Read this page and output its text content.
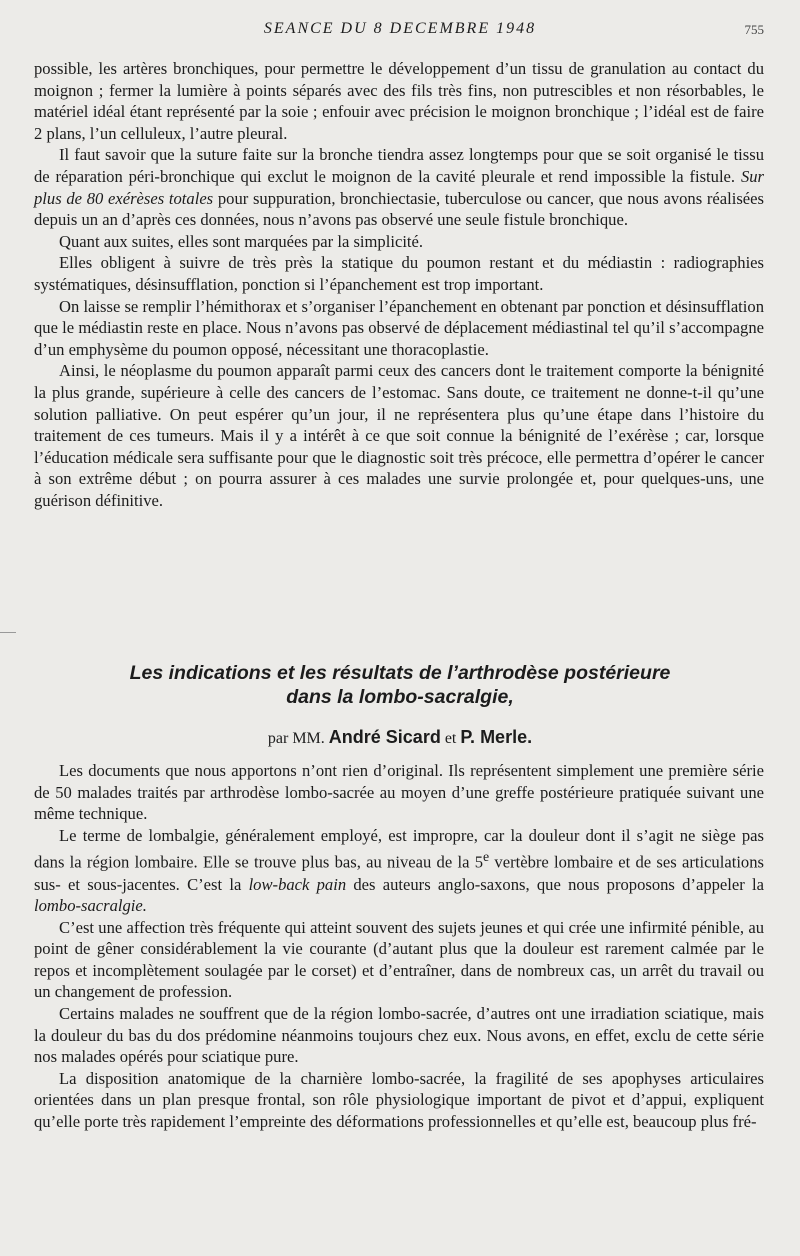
SEANCE DU 8 DECEMBRE 1948	755

possible, les artères bronchiques, pour permettre le développement d’un tissu de granulation au contact du moignon ; fermer la lumière à points séparés avec des fils très fins, non putrescibles et non résorbables, le matériel idéal étant représenté par la soie ; enfouir avec précision le moignon bronchique ; l’idéal est de faire 2 plans, l’un celluleux, l’autre pleural.

Il faut savoir que la suture faite sur la bronche tiendra assez longtemps pour que se soit organisé le tissu de réparation péri-bronchique qui exclut le moignon de la cavité pleurale et rend impossible la fistule. Sur plus de 80 exérèses totales pour suppuration, bronchiectasie, tuberculose ou cancer, que nous avons réalisées depuis un an d’après ces données, nous n’avons pas observé une seule fistule bronchique.

Quant aux suites, elles sont marquées par la simplicité.

Elles obligent à suivre de très près la statique du poumon restant et du médiastin : radiographies systématiques, désinsufflation, ponction si l’épanchement est trop important.

On laisse se remplir l’hémithorax et s’organiser l’épanchement en obtenant par ponction et désinsufflation que le médiastin reste en place. Nous n’avons pas observé de déplacement médiastinal tel qu’il s’accompagne d’un emphysème du poumon opposé, nécessitant une thoracoplastie.

Ainsi, le néoplasme du poumon apparaît parmi ceux des cancers dont le traitement comporte la bénignité la plus grande, supérieure à celle des cancers de l’estomac. Sans doute, ce traitement ne donne-t-il qu’une solution palliative. On peut espérer qu’un jour, il ne représentera plus qu’une étape dans l’histoire du traitement de ces tumeurs. Mais il y a intérêt à ce que soit connue la bénignité de l’exérèse ; car, lorsque l’éducation médicale sera suffisante pour que le diagnostic soit très précoce, elle permettra d’opérer le cancer à son extrême début ; on pourra assurer à ces malades une survie prolongée et, pour quelques-uns, une guérison définitive.

Les indications et les résultats de l’arthrodèse postérieure
dans la lombo-sacralgie,
par MM. André Sicard et P. Merle.

Les documents que nous apportons n’ont rien d’original. Ils représentent simplement une première série de 50 malades traités par arthrodèse lombo-sacrée au moyen d’une greffe postérieure pratiquée suivant une même technique.

Le terme de lombalgie, généralement employé, est impropre, car la douleur dont il s’agit ne siège pas dans la région lombaire. Elle se trouve plus bas, au niveau de la 5e vertèbre lombaire et de ses articulations sus- et sous-jacentes. C’est la low-back pain des auteurs anglo-saxons, que nous proposons d’appeler la lombo-sacralgie.

C’est une affection très fréquente qui atteint souvent des sujets jeunes et qui crée une infirmité pénible, au point de gêner considérablement la vie courante (d’autant plus que la douleur est rarement calmée par le repos et incomplètement soulagée par le corset) et d’entraîner, dans de nombreux cas, un arrêt du travail ou un changement de profession.

Certains malades ne souffrent que de la région lombo-sacrée, d’autres ont une irradiation sciatique, mais la douleur du bas du dos prédomine néanmoins toujours chez eux. Nous avons, en effet, exclu de cette série nos malades opérés pour sciatique pure.

La disposition anatomique de la charnière lombo-sacrée, la fragilité de ses apophyses articulaires orientées dans un plan presque frontal, son rôle physiologique important de pivot et d’appui, expliquent qu’elle porte très rapidement l’empreinte des déformations professionnelles et qu’elle est, beaucoup plus fré-
